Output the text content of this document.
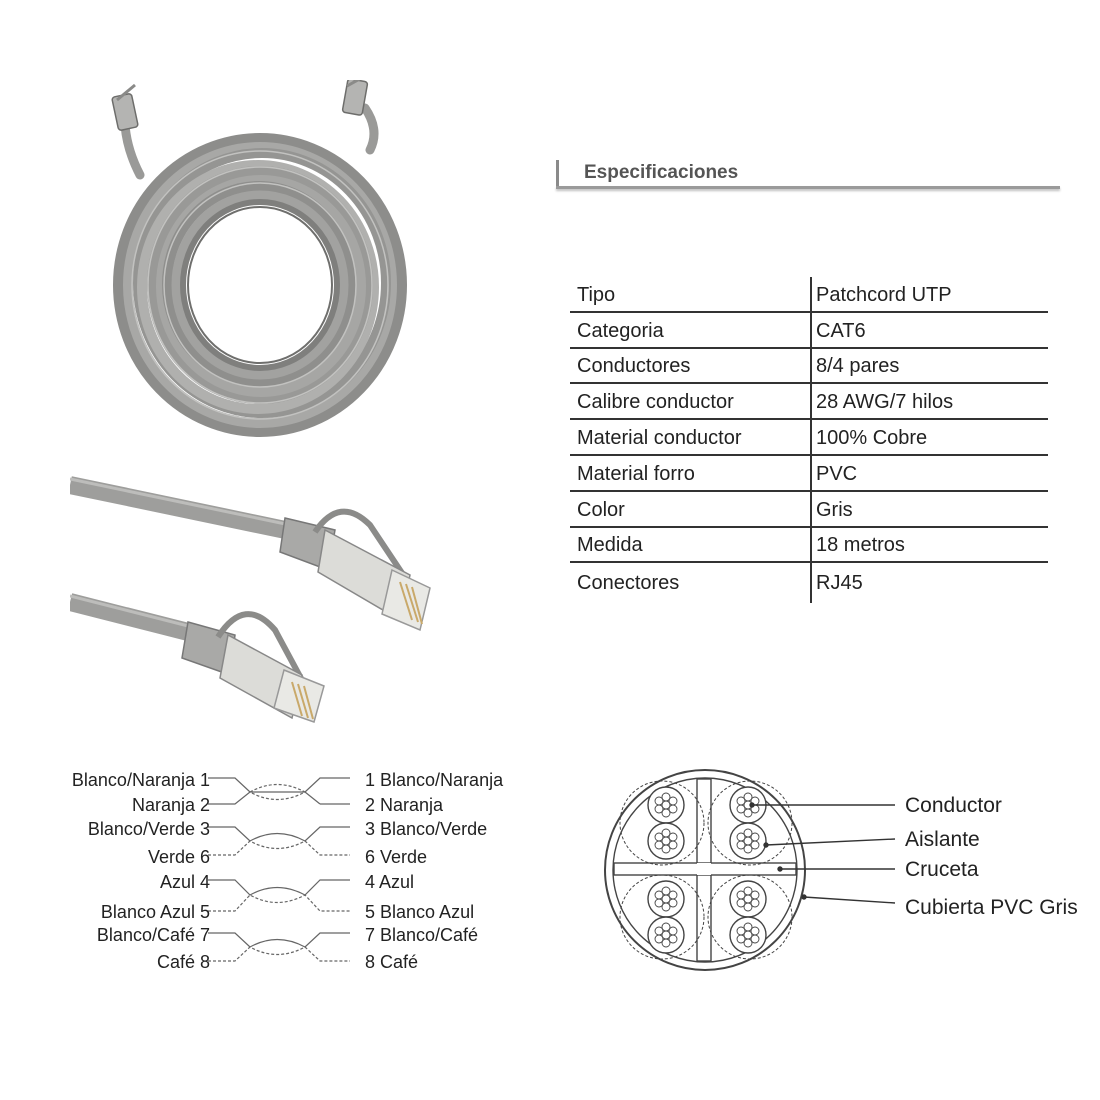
Especificaciones
Tipo	Patchcord UTP
Categoria	CAT6
Conductores	8/4 pares
Calibre conductor	28 AWG/7 hilos
Material conductor	100% Cobre
Material forro	PVC
Color	Gris
Medida	18 metros
Conectores	RJ45
Blanco/Naranja 1
Naranja 2
Blanco/Verde 3
Verde 6
Azul 4
Blanco Azul 5
Blanco/Café 7
Café 8
1 Blanco/Naranja
2 Naranja
3 Blanco/Verde
6 Verde
4 Azul
5 Blanco Azul
7 Blanco/Café
8 Café
Conductor
Aislante
Cruceta
Cubierta PVC Gris
